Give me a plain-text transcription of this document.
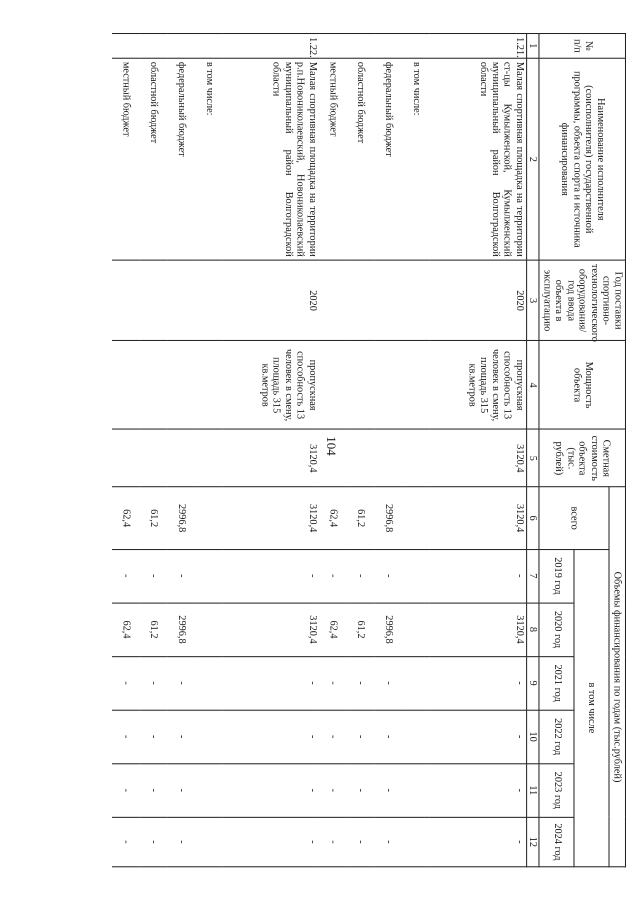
104
№ п/п	Наименование исполнителя (соисполнителя) государственной программы, объекта спорта и источника финансирования	Год поставки спортивно-технологического оборудования/ год ввода объекта в эксплуатацию	Мощность объекта	Сметная стоимость объекта (тыс. рублей)	Объемы финансирования по годам (тыс.рублей)						
					всего	в том числе					
						2019 год	2020 год	2021 год	2022 год	2023 год	2024 год
1	2	3	4	5	6	7	8	9	10	11	12
1.21.	Малая спортивная площадка на территории ст-цы Кумылженской, Кумылженский муниципальный район Волгоградской области	2020	пропускная способность 13 человек в смену, площадь 315 кв.метров	3120,4	3120,4	-	3120,4	-	-	-	-
	в том числе:										
	федеральный бюджет				2996,8	-	2996,8	-	-	-	-
	областной бюджет				61,2	-	61,2	-	-	-	-
	местный бюджет				62,4	-	62,4	-	-	-	-
1.22.	Малая спортивная площадка на территории р.п.Новониколаевский, Новониколаевский муниципальный район Волгоградской области	2020	пропускная способность 13 человек в смену, площадь 315 кв.метров	3120,4	3120,4	-	3120,4	-	-	-	-
	в том числе:										
	федеральный бюджет				2996,8	-	2996,8	-	-	-	-
	областной бюджет				61,2	-	61,2	-	-	-	-
	местный бюджет				62,4	-	62,4	-	-	-	-
